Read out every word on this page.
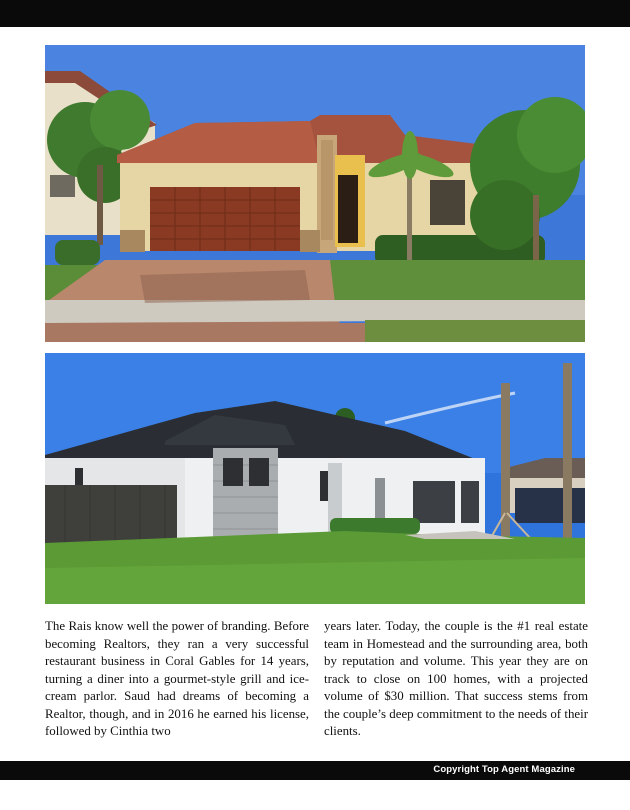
The Rais know well the power of branding. Before becoming Realtors, they ran a very successful restaurant business in Coral Gables for 14 years, turning a diner into a gourmet-style grill and ice-cream parlor. Saud had dreams of becoming a Realtor, though, and in 2016 he earned his license, followed by Cinthia two
years later. Today, the couple is the #1 real estate team in Homestead and the surrounding area, both by reputation and volume. This year they are on track to close on 100 homes, with a projected volume of $30 million. That success stems from the couple’s deep commitment to the needs of their clients.
Copyright Top Agent Magazine
